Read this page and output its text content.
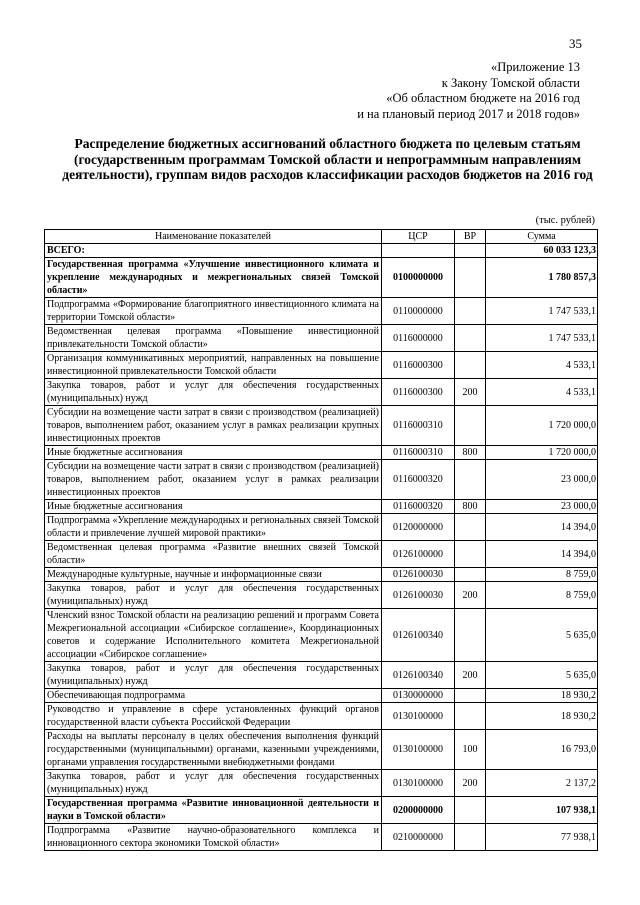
35
«Приложение 13
к Закону Томской области
«Об областном бюджете на 2016 год
и на плановый период 2017 и 2018 годов»
Распределение бюджетных ассигнований областного бюджета по целевым статьям (государственным программам Томской области и непрограммным направлениям деятельности), группам видов расходов классификации расходов бюджетов на 2016 год
(тыс. рублей)
Наименование показателей	ЦСР	ВР	Сумма
ВСЕГО:			60 033 123,3
Государственная программа «Улучшение инвестиционного климата и укрепление международных и межрегиональных связей Томской области»	0100000000		1 780 857,3
Подпрограмма «Формирование благоприятного инвестиционного климата на территории Томской области»	0110000000		1 747 533,1
Ведомственная целевая программа «Повышение инвестиционной привлекательности Томской области»	0116000000		1 747 533,1
Организация коммуникативных мероприятий, направленных на повышение инвестиционной привлекательности Томской области	0116000300		4 533,1
Закупка товаров, работ и услуг для обеспечения государственных (муниципальных) нужд	0116000300	200	4 533,1
Субсидии на возмещение части затрат в связи с производством (реализацией) товаров, выполнением работ, оказанием услуг в рамках реализации крупных инвестиционных проектов	0116000310		1 720 000,0
Иные бюджетные ассигнования	0116000310	800	1 720 000,0
Субсидии на возмещение части затрат в связи с производством (реализацией) товаров, выполнением работ, оказанием услуг в рамках реализации инвестиционных проектов	0116000320		23 000,0
Иные бюджетные ассигнования	0116000320	800	23 000,0
Подпрограмма «Укрепление международных и региональных связей Томской области и привлечение лучшей мировой практики»	0120000000		14 394,0
Ведомственная целевая программа «Развитие внешних связей Томской области»	0126100000		14 394,0
Международные культурные, научные и информационные связи	0126100030		8 759,0
Закупка товаров, работ и услуг для обеспечения государственных (муниципальных) нужд	0126100030	200	8 759,0
Членский взнос Томской области на реализацию решений и программ Совета Межрегиональной ассоциации «Сибирское соглашение», Координационных советов и содержание Исполнительного комитета Межрегиональной ассоциации «Сибирское соглашение»	0126100340		5 635,0
Закупка товаров, работ и услуг для обеспечения государственных (муниципальных) нужд	0126100340	200	5 635,0
Обеспечивающая подпрограмма	0130000000		18 930,2
Руководство и управление в сфере установленных функций органов государственной власти субъекта Российской Федерации	0130100000		18 930,2
Расходы на выплаты персоналу в целях обеспечения выполнения функций государственными (муниципальными) органами, казенными учреждениями, органами управления государственными внебюджетными фондами	0130100000	100	16 793,0
Закупка товаров, работ и услуг для обеспечения государственных (муниципальных) нужд	0130100000	200	2 137,2
Государственная программа «Развитие инновационной деятельности и науки в Томской области»	0200000000		107 938,1
Подпрограмма «Развитие научно-образовательного комплекса и инновационного сектора экономики Томской области»	0210000000		77 938,1
